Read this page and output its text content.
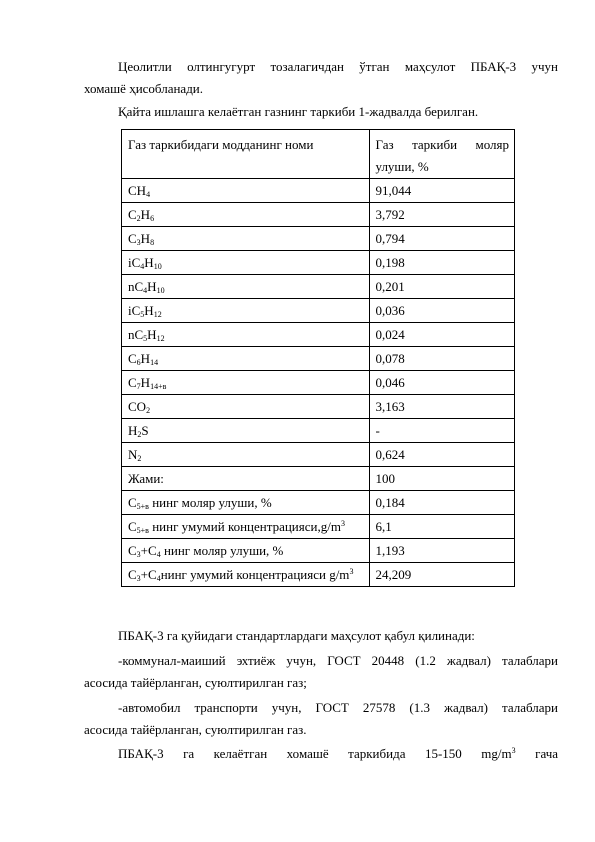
Цеолитли олтингугурт тозалагичдан ўтган маҳсулот ПБАҚ-3 учун
хомашё ҳисобланади.

Қайта ишлашга келаётган газнинг таркиби 1-жадвалда берилган.

Газ таркибидаги модданинг номи	Газ таркиби моляр
улуши, %
$CH_4$	91,044
$C_2H_6$	3,792
$C_3H_8$	0,794
$iC_4H_{10}$	0,198
$nC_4H_{10}$	0,201
$iC_5H_{12}$	0,036
$nC_5H_{12}$	0,024
$C_6H_{14}$	0,078
$C_7H_{14+в}$	0,046
$CO_2$	3,163
$H_2S$	-
$N_2$	0,624
Жами:	100
$C_{5+в}$ нинг моляр улуши, %	0,184
$C_{5+в}$ нинг умумий $концентрацияси,g/m^3$	6,1
$C_3+C_4$ нинг моляр улуши, %	1,193
$C_3+C_4нинг$ умумий концентрацияси $g/m^3$	24,209

ПБАҚ-3 га қуйидаги стандартлардаги маҳсулот қабул қилинади:

-коммунал-маиший эхтиёж учун, ГОСТ 20448 (1.2 жадвал) талаблари
асосида тайёрланган, суюлтирилган газ;

-автомобил транспорти учун, ГОСТ 27578 (1.3 жадвал) талаблари
асосида тайёрланган, суюлтирилган газ.

ПБАҚ-3 га келаётган хомашё таркибида 15-150 $mg/m^3$ гача
